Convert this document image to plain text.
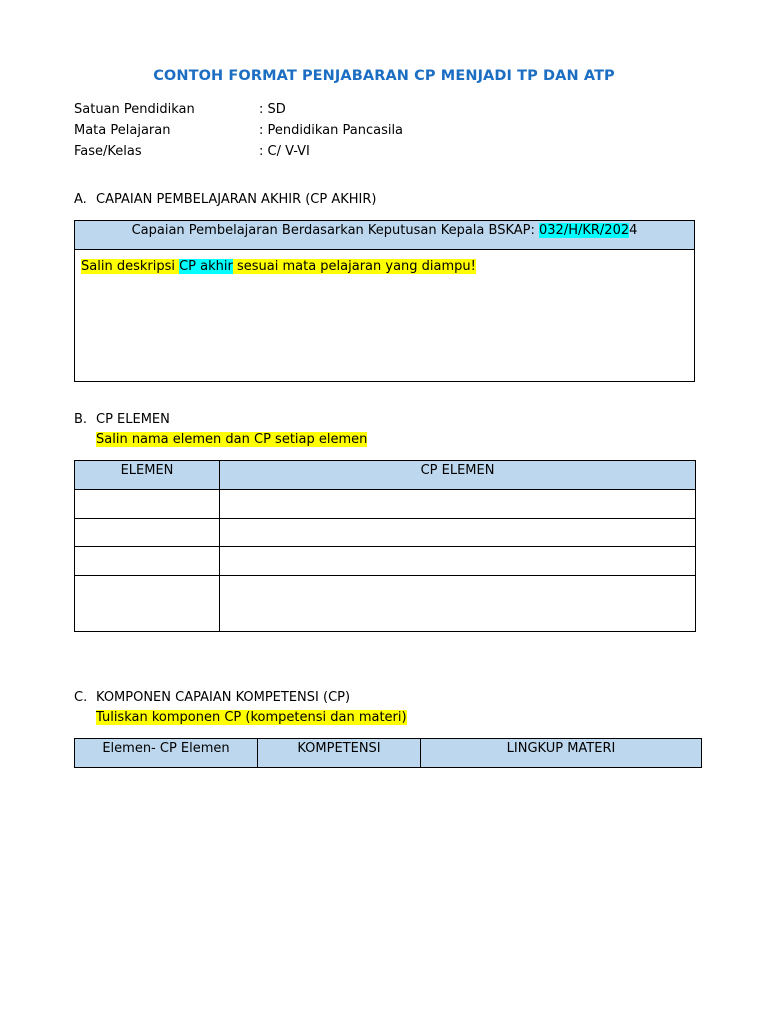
CONTOH FORMAT PENJABARAN CP MENJADI TP DAN ATP
Satuan Pendidikan	: SD
Mata Pelajaran	: Pendidikan Pancasila
Fase/Kelas	: C/ V-VI
A. CAPAIAN PEMBELAJARAN AKHIR (CP AKHIR)
Capaian Pembelajaran Berdasarkan Keputusan Kepala BSKAP: 032/H/KR/2024
Salin deskripsi CP akhir sesuai mata pelajaran yang diampu!
B. CP ELEMEN
Salin nama elemen dan CP setiap elemen
ELEMEN	CP ELEMEN

C. KOMPONEN CAPAIAN KOMPETENSI (CP)
Tuliskan komponen CP (kompetensi dan materi)
Elemen- CP Elemen	KOMPETENSI	LINGKUP MATERI
